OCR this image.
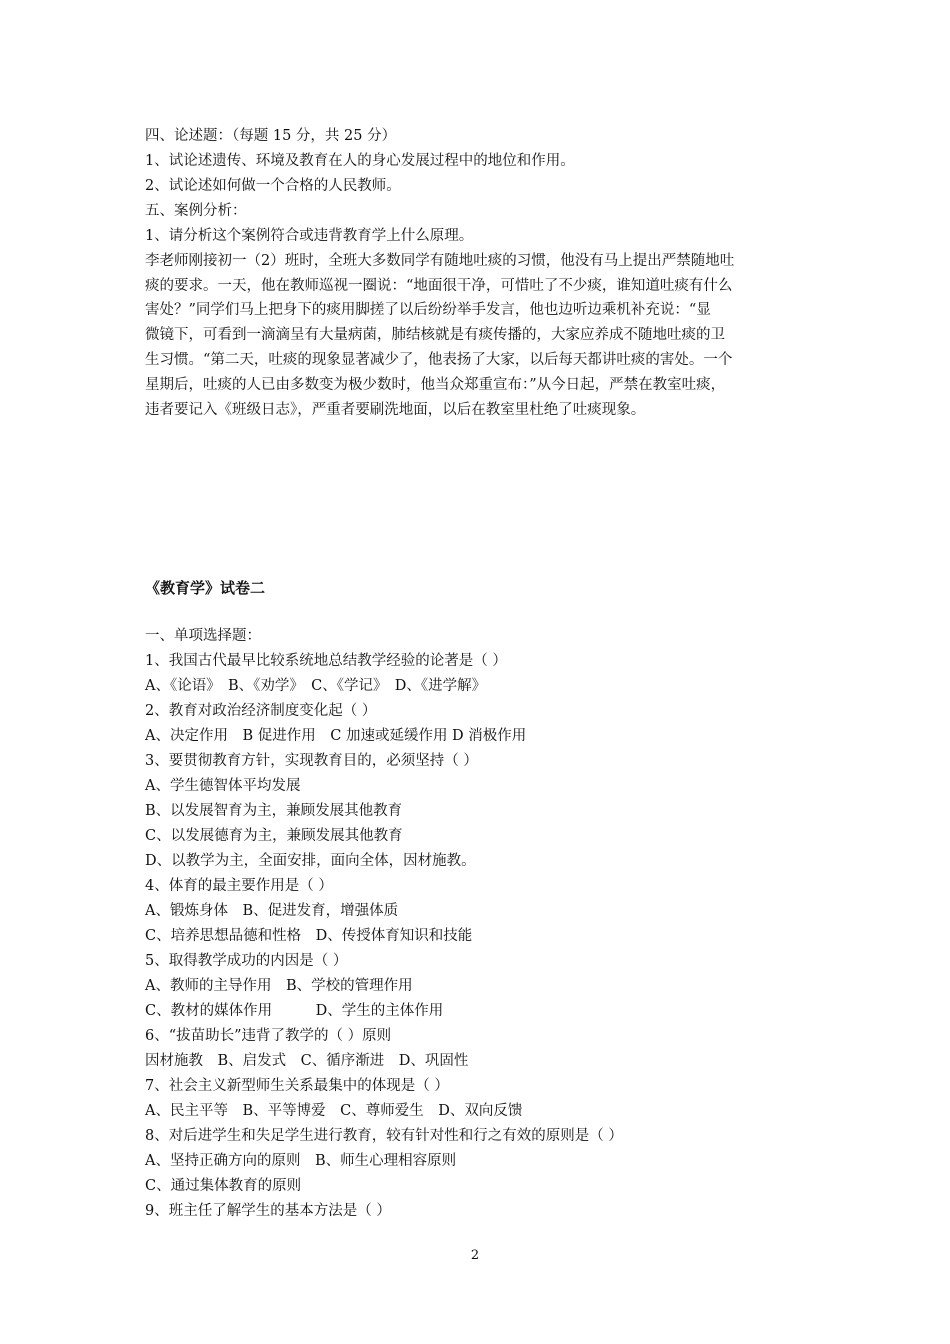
四、论述题：（每题 15 分，共 25 分）

1、试论述遗传、环境及教育在人的身心发展过程中的地位和作用。

2、试论述如何做一个合格的人民教师。

五、案例分析：

1、请分析这个案例符合或违背教育学上什么原理。

李老师刚接初一（2）班时，全班大多数同学有随地吐痰的习惯，他没有马上提出严禁随地吐

痰的要求。一天，他在教师巡视一圈说：“地面很干净，可惜吐了不少痰，谁知道吐痰有什么

害处？”同学们马上把身下的痰用脚搓了以后纷纷举手发言，他也边听边乘机补充说：“显

微镜下，可看到一滴滴呈有大量病菌，肺结核就是有痰传播的，大家应养成不随地吐痰的卫

生习惯。“第二天，吐痰的现象显著减少了，他表扬了大家，以后每天都讲吐痰的害处。一个

星期后，吐痰的人已由多数变为极少数时，他当众郑重宣布：”从今日起，严禁在教室吐痰，

违者要记入《班级日志》，严重者要刷洗地面，以后在教室里杜绝了吐痰现象。

《教育学》试卷二

一、单项选择题：

1、我国古代最早比较系统地总结教学经验的论著是（ ）

A、《论语》　B、《劝学》　C、《学记》　D、《进学解》

2、教育对政治经济制度变化起（ ）

A、决定作用　B 促进作用　C 加速或延缓作用 D 消极作用

3、要贯彻教育方针，实现教育目的，必须坚持（ ）

A、学生德智体平均发展

B、以发展智育为主，兼顾发展其他教育

C、以发展德育为主，兼顾发展其他教育

D、以教学为主，全面安排，面向全体，因材施教。

4、体育的最主要作用是（ ）

A、锻炼身体　B、促进发育，增强体质

C、培养思想品德和性格　D、传授体育知识和技能

5、取得教学成功的内因是（ ）

A、教师的主导作用　B、学校的管理作用

C、教材的媒体作用　　　D、学生的主体作用

6、“拔苗助长”违背了教学的（ ）原则

因材施教　B、启发式　C、循序渐进　D、巩固性

7、社会主义新型师生关系最集中的体现是（ ）

A、民主平等　B、平等博爱　C、尊师爱生　D、双向反馈

8、对后进学生和失足学生进行教育，较有针对性和行之有效的原则是（ ）

A、坚持正确方向的原则　B、师生心理相容原则

C、通过集体教育的原则

9、班主任了解学生的基本方法是（ ）

2
